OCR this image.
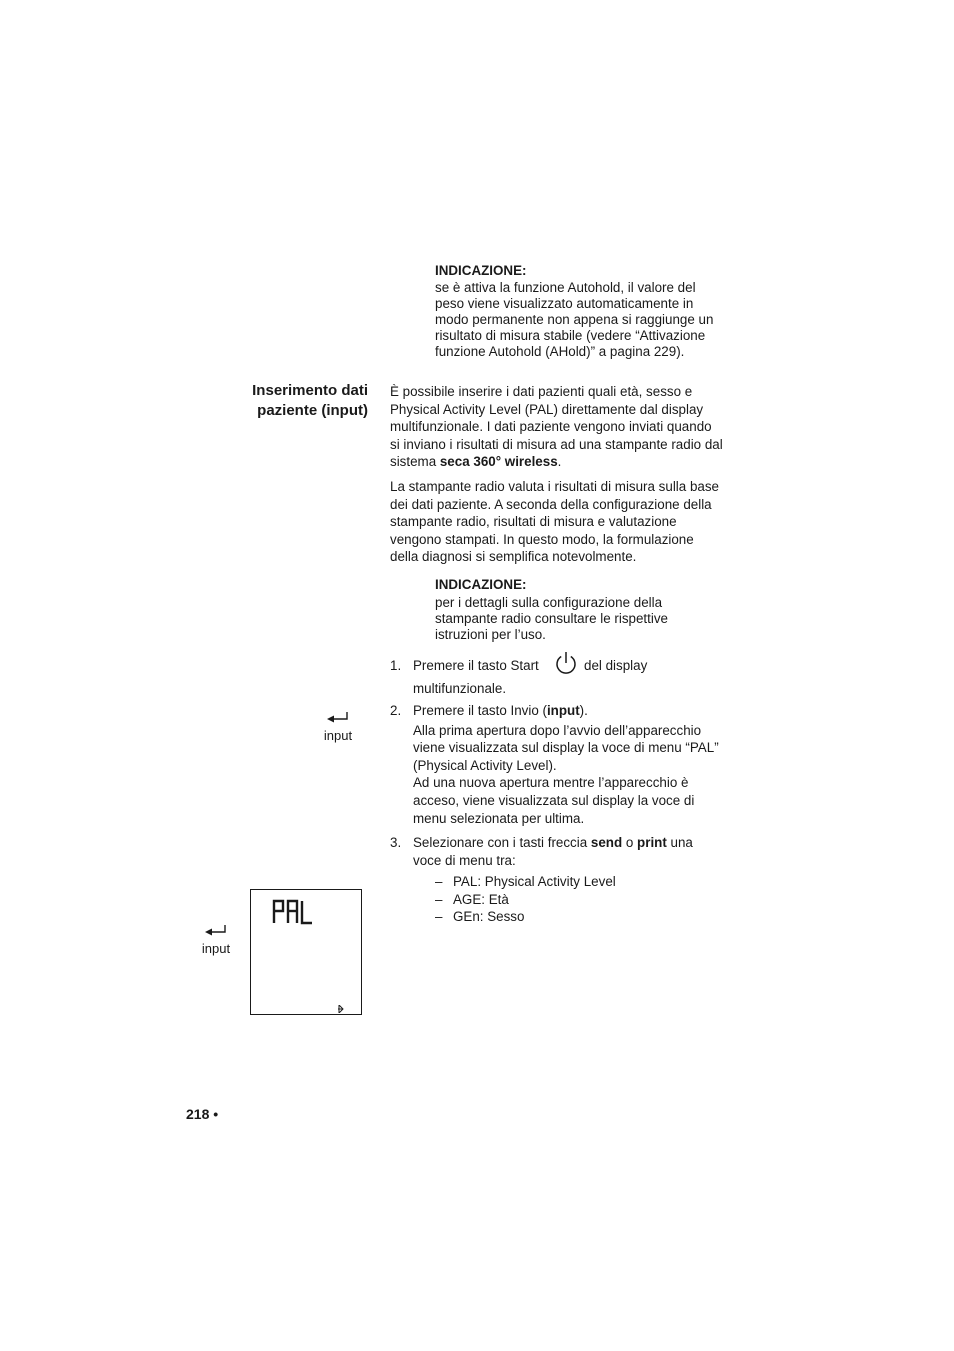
INDICAZIONE:

se è attiva la funzione Autohold, il valore del

peso viene visualizzato automaticamente in

modo permanente non appena si raggiunge un

risultato di misura stabile (vedere “Attivazione

funzione Autohold (AHold)” a pagina 229).

Inserimento dati
paziente (input)

È possibile inserire i dati pazienti quali età, sesso e

Physical Activity Level (PAL) direttamente dal display

multifunzionale. I dati paziente vengono inviati quando

si inviano i risultati di misura ad una stampante radio dal

sistema seca 360° wireless.

La stampante radio valuta i risultati di misura sulla base

dei dati paziente. A seconda della configurazione della

stampante radio, risultati di misura e valutazione

vengono stampati. In questo modo, la formulazione

della diagnosi si semplifica notevolmente.

INDICAZIONE:

per i dettagli sulla configurazione della

stampante radio consultare le rispettive

istruzioni per l’uso.

1. Premere il tasto Start	del display
multifunzionale.
input
2. Premere il tasto Invio (input).

Alla prima apertura dopo l’avvio dell’apparecchio

viene visualizzata sul display la voce di menu “PAL”

(Physical Activity Level).

Ad una nuova apertura mentre l’apparecchio è

acceso, viene visualizzata sul display la voce di

menu selezionata per ultima.

3. Selezionare con i tasti freccia send o print una

voce di menu tra:

– PAL: Physical Activity Level
– AGE: Età
– GEn: Sesso
input
218 •
